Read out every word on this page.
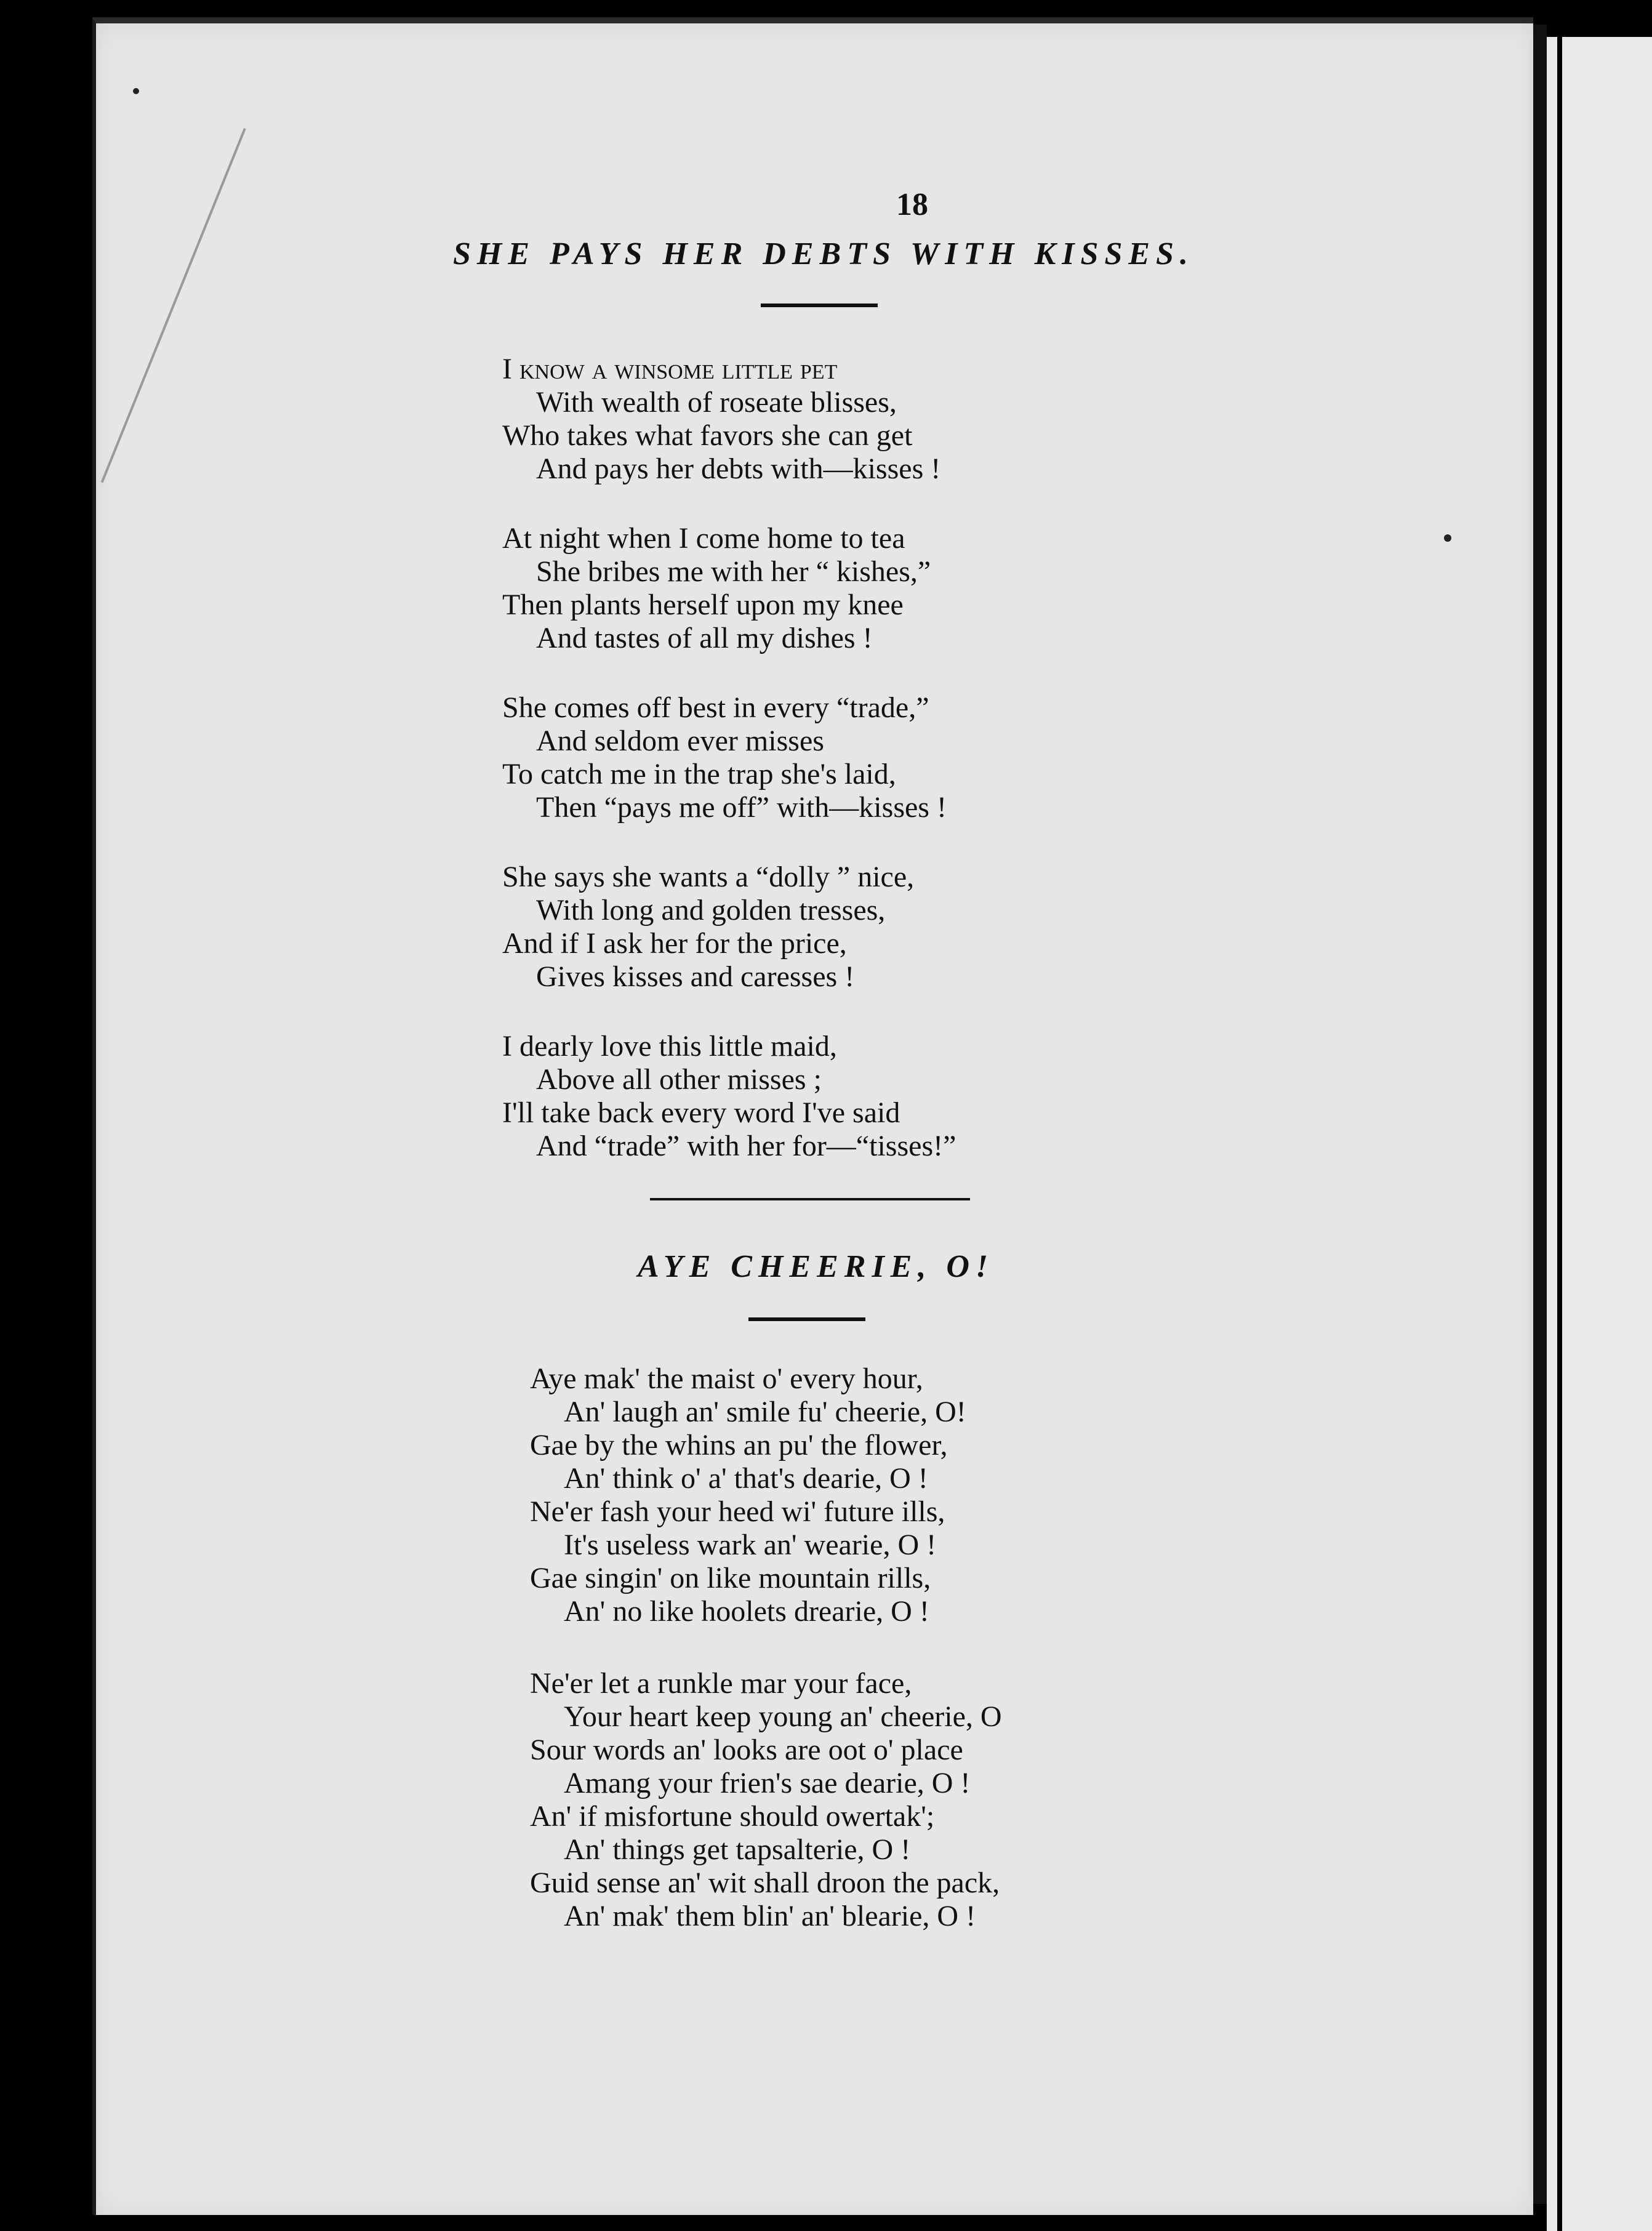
18
SHE PAYS HER DEBTS WITH KISSES.
I know a winsome little pet
With wealth of roseate blisses,
Who takes what favors she can get
And pays her debts with—kisses !
At night when I come home to tea
She bribes me with her “ kishes,”
Then plants herself upon my knee
And tastes of all my dishes !
She comes off best in every “trade,”
And seldom ever misses
To catch me in the trap she's laid,
Then “pays me off” with—kisses !
She says she wants a “dolly ” nice,
With long and golden tresses,
And if I ask her for the price,
Gives kisses and caresses !
I dearly love this little maid,
Above all other misses ;
I'll take back every word I've said
And “trade” with her for—“tisses!”
AYE CHEERIE, O!
Aye mak' the maist o' every hour,
An' laugh an' smile fu' cheerie, O!
Gae by the whins an pu' the flower,
An' think o' a' that's dearie, O !
Ne'er fash your heed wi' future ills,
It's useless wark an' wearie, O !
Gae singin' on like mountain rills,
An' no like hoolets drearie, O !
Ne'er let a runkle mar your face,
Your heart keep young an' cheerie, O
Sour words an' looks are oot o' place
Amang your frien's sae dearie, O !
An' if misfortune should owertak';
An' things get tapsalterie, O !
Guid sense an' wit shall droon the pack,
An' mak' them blin' an' blearie, O !
